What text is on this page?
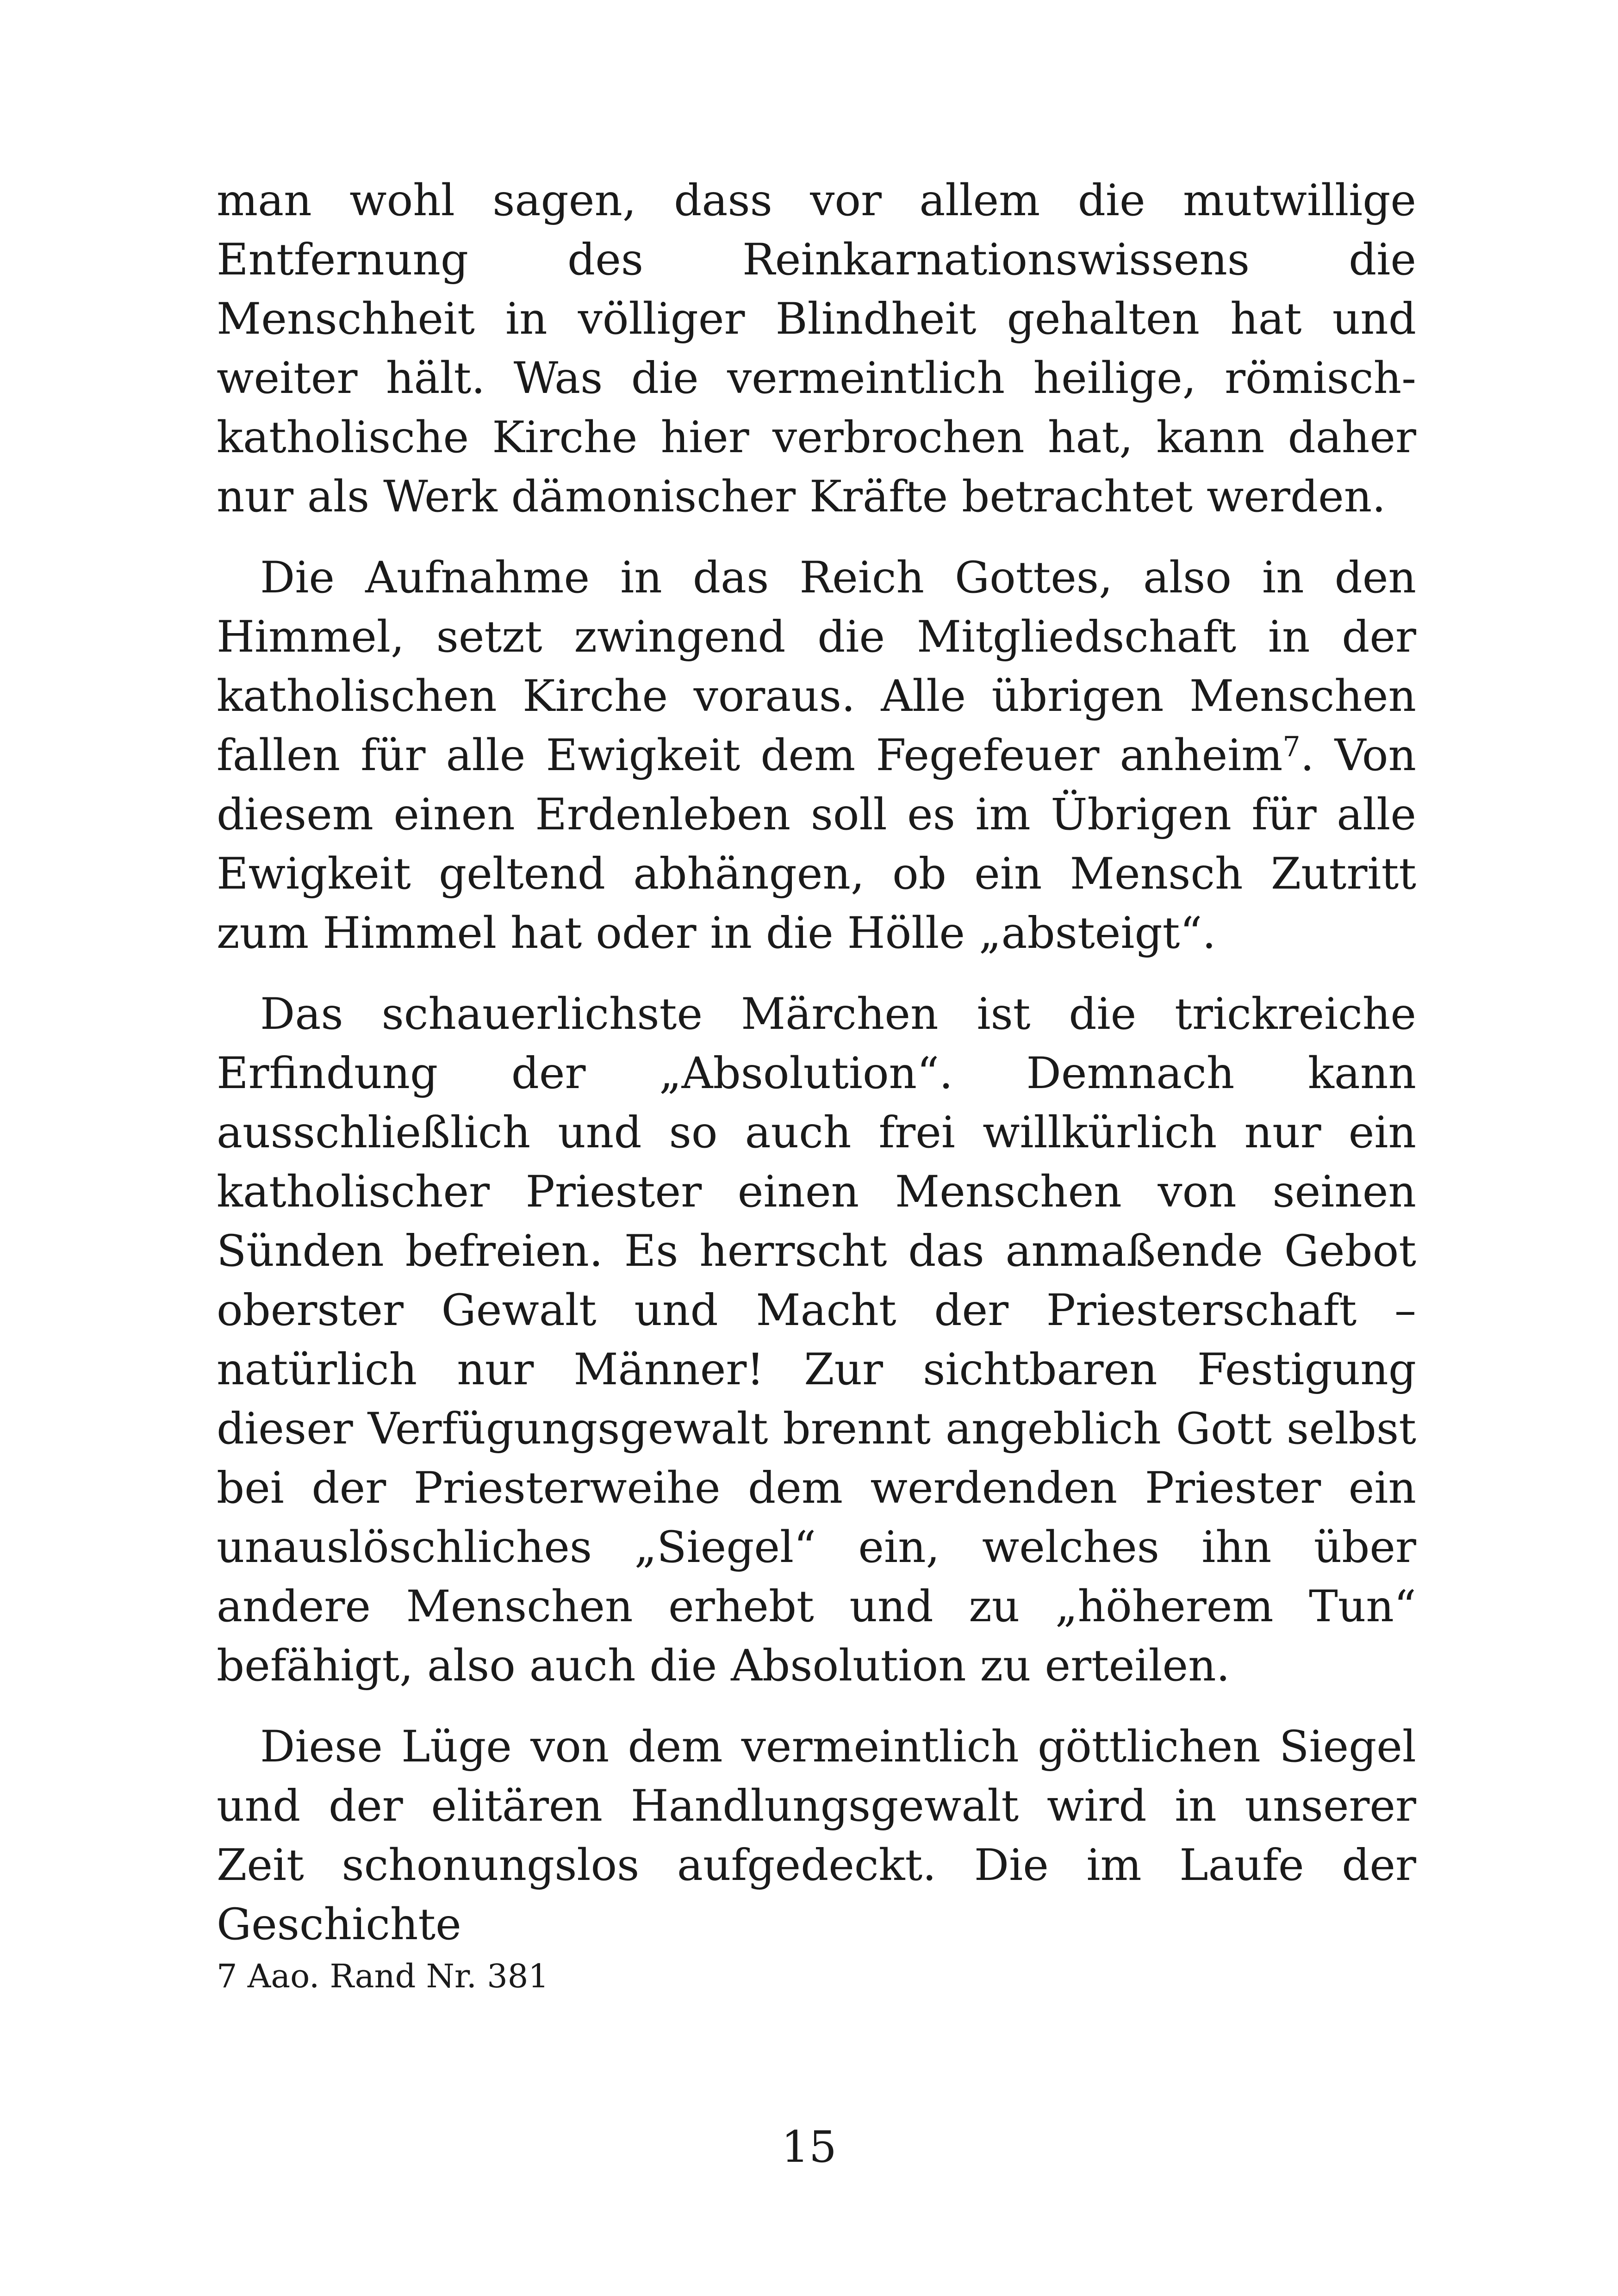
man wohl sagen, dass vor allem die mutwillige Entfernung des Reinkarnationswissens die Menschheit in völliger Blindheit gehalten hat und weiter hält. Was die vermeintlich heilige, römisch-katholische Kirche hier verbrochen hat, kann daher nur als Werk dämonischer Kräfte betrachtet werden.

Die Aufnahme in das Reich Gottes, also in den Himmel, setzt zwingend die Mitgliedschaft in der katholischen Kirche voraus. Alle übrigen Menschen fallen für alle Ewigkeit dem Fegefeuer anheim$^7$. Von diesem einen Erdenleben soll es im Übrigen für alle Ewigkeit geltend abhängen, ob ein Mensch Zutritt zum Himmel hat oder in die Hölle „absteigt“.

Das schauerlichste Märchen ist die trickreiche Erfindung der „Absolution“. Demnach kann ausschließlich und so auch frei willkürlich nur ein katholischer Priester einen Menschen von seinen Sünden befreien. Es herrscht das anmaßende Gebot oberster Gewalt und Macht der Priesterschaft – natürlich nur Männer! Zur sichtbaren Festigung dieser Verfügungsgewalt brennt angeblich Gott selbst bei der Priesterweihe dem werdenden Priester ein unauslöschliches „Siegel“ ein, welches ihn über andere Menschen erhebt und zu „höherem Tun“ befähigt, also auch die Absolution zu erteilen.

Diese Lüge von dem vermeintlich göttlichen Siegel und der elitären Handlungsgewalt wird in unserer Zeit schonungslos aufgedeckt. Die im Laufe der Geschichte

7 Aao. Rand Nr. 381
15
